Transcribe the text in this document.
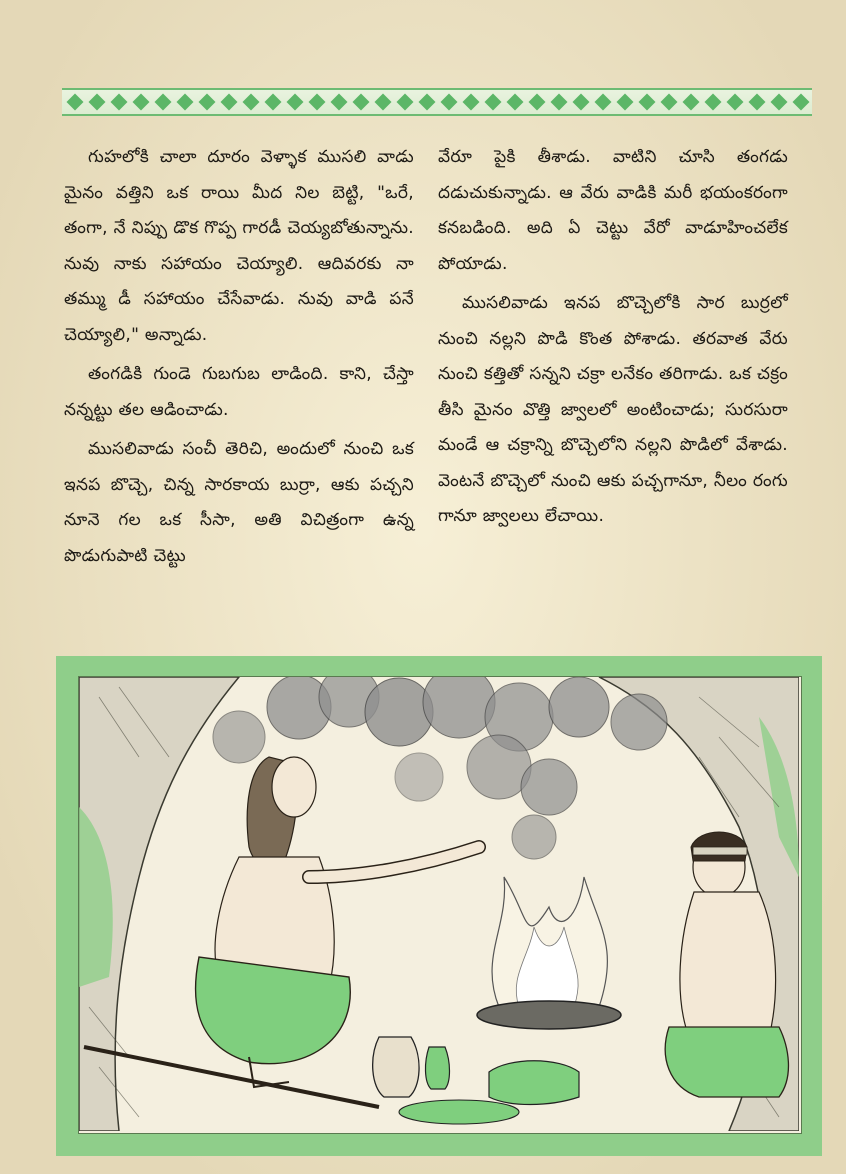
గుహలోకి చాలా దూరం వెళ్ళాక ముసలి వాడు మైనం వత్తిని ఒక రాయి మీద నిల బెట్టి, "ఒరే, తంగా, నే నిప్పు డొక గొప్ప గారడీ చెయ్యబోతున్నాను. నువు నాకు సహాయం చెయ్యాలి. ఆదివరకు నా తమ్ము డీ సహాయం చేసేవాడు. నువు వాడి పనే చెయ్యాలి," అన్నాడు.

తంగడికి గుండె గుబగుబ లాడింది. కాని, చేస్తా నన్నట్టు తల ఆడించాడు.

ముసలివాడు సంచీ తెరిచి, అందులో నుంచి ఒక ఇనప బొచ్చె, చిన్న సారకాయ బుర్రా, ఆకు పచ్చని నూనె గల ఒక సీసా, అతి విచిత్రంగా ఉన్న పొడుగుపాటి చెట్టు

వేరూ పైకి తీశాడు. వాటిని చూసి తంగడు దడుచుకున్నాడు. ఆ వేరు వాడికి మరీ భయంకరంగా కనబడింది. అది ఏ చెట్టు వేరో వాడూహించలేక పోయాడు.

ముసలివాడు ఇనప బొచ్చెలోకి సార బుర్రలో నుంచి నల్లని పొడి కొంత పోశాడు. తరవాత వేరు నుంచి కత్తితో సన్నని చక్రా లనేకం తరిగాడు. ఒక చక్రం తీసి మైనం వొత్తి జ్వాలలో అంటించాడు; సురసురా మండే ఆ చక్రాన్ని బొచ్చెలోని నల్లని పొడిలో వేశాడు. వెంటనే బొచ్చెలో నుంచి ఆకు పచ్చగానూ, నీలం రంగు గానూ జ్వాలలు లేచాయి.
